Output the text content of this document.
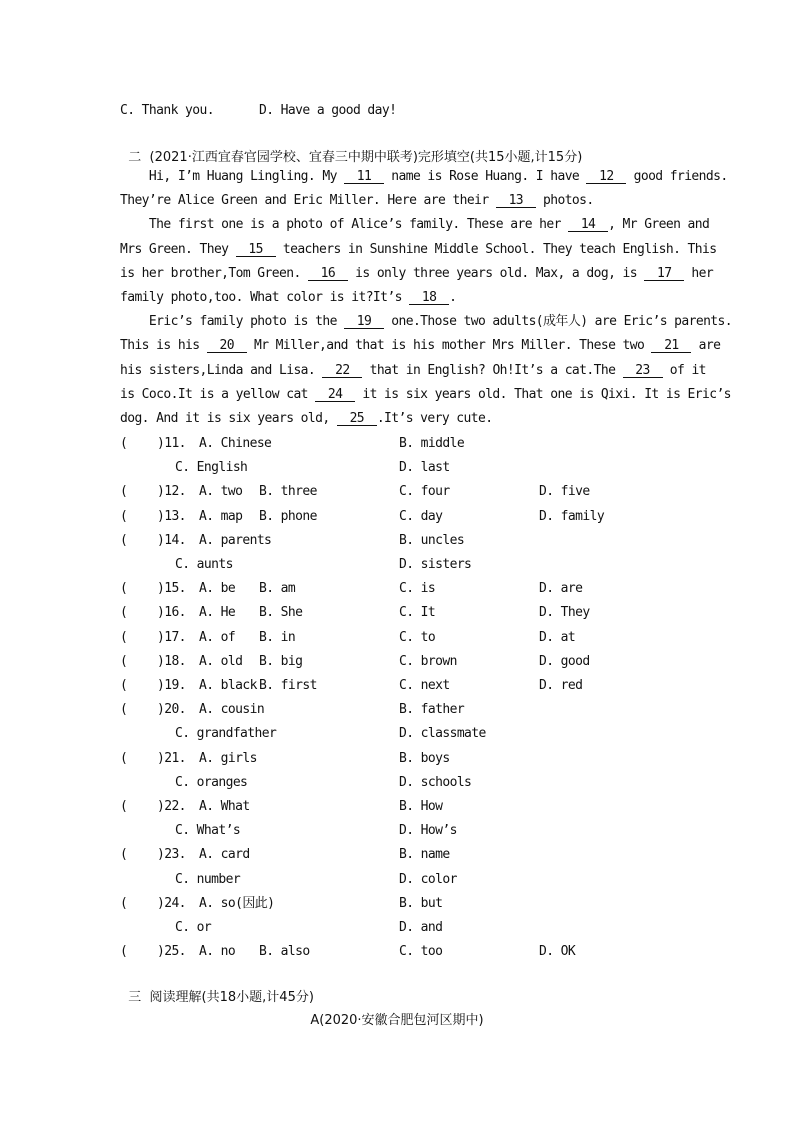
C. Thank you.

	D. Have a good day!

二 (2021·江西宜春官园学校、宜春三中期中联考)完形填空(共15小题,计15分)

Hi, I’m Huang Lingling. My 11 name is Rose Huang. I have 12 good friends.
They’re Alice Green and Eric Miller. Here are their 13 photos.
The first one is a photo of Alice’s family. These are her 14 , Mr Green and
Mrs Green. They 15 teachers in Sunshine Middle School. They teach English. This
is her brother,Tom Green. 16 is only three years old. Max, a dog, is 17 her
family photo,too. What color is it?It’s 18 .
Eric’s family photo is the 19 one.Those two adults(成年人) are Eric’s parents.
This is his 20 Mr Miller,and that is his mother Mrs Miller. These two 21 are
his sisters,Linda and Lisa. 22 that in English? Oh!It’s a cat.The 23 of it
is Coco.It is a yellow cat 24 it is six years old. That one is Qixi. It is Eric’s
dog. And it is six years old, 25 .It’s very cute.
( )11. A. Chinese	B. middle
C. English	D. last
( )12. A. two B. three	C. four	D. five
( )13. A. map B. phone	C. day	D. family
( )14. A. parents	B. uncles
C. aunts	D. sisters
( )15. A. be B. am	C. is	D. are
( )16. A. He B. She	C. It	D. They
( )17. A. of B. in	C. to	D. at
( )18. A. old B. big	C. brown	D. good
( )19. A. black B. first	C. next	D. red
( )20. A. cousin	B. father
C. grandfather	D. classmate
( )21. A. girls	B. boys
C. oranges	D. schools
( )22. A. What	B. How
C. What’s	D. How’s
( )23. A. card	B. name
C. number	D. color
( )24. A. so(因此)	B. but
C. or	D. and
( )25. A. no B. also	C. too	D. OK

三 阅读理解(共18小题,计45分)

A(2020·安徽合肥包河区期中)
